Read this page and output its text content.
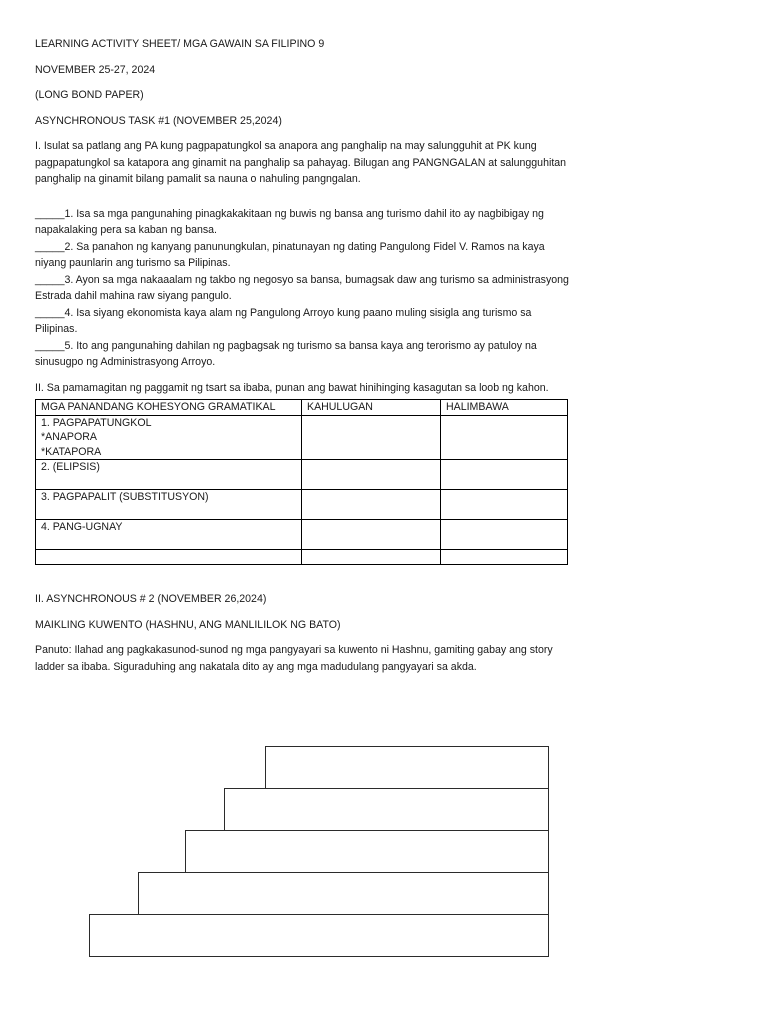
LEARNING ACTIVITY SHEET/ MGA GAWAIN SA FILIPINO 9

NOVEMBER 25-27, 2024

(LONG BOND PAPER)

ASYNCHRONOUS TASK #1 (NOVEMBER 25,2024)

I. Isulat sa patlang ang PA kung pagpapatungkol sa anapora ang panghalip na may salungguhit at PK kung pagpapatungkol sa katapora ang ginamit na panghalip sa pahayag. Bilugan ang PANGNGALAN at salungguhitan panghalip na ginamit bilang pamalit sa nauna o nahuling pangngalan.

_____1. Isa sa mga pangunahing pinagkakakitaan ng buwis ng bansa ang turismo dahil ito ay nagbibigay ng napakalaking pera sa kaban ng bansa.

_____2. Sa panahon ng kanyang panunungkulan, pinatunayan ng dating Pangulong Fidel V. Ramos na kaya niyang paunlarin ang turismo sa Pilipinas.

_____3. Ayon sa mga nakaaalam ng takbo ng negosyo sa bansa, bumagsak daw ang turismo sa administrasyong Estrada dahil mahina raw siyang pangulo.

_____4. Isa siyang ekonomista kaya alam ng Pangulong Arroyo kung paano muling sisigla ang turismo sa Pilipinas.

_____5. Ito ang pangunahing dahilan ng pagbagsak ng turismo sa bansa kaya ang terorismo ay patuloy na sinusugpo ng Administrasyong Arroyo.

II. Sa pamamagitan ng paggamit ng tsart sa ibaba, punan ang bawat hinihinging kasagutan sa loob ng kahon.

MGA PANANDANG KOHESYONG GRAMATIKAL	KAHULUGAN	HALIMBAWA

1. PAGPAPATUNGKOL
*ANAPORA
*KATAPORA		

2. (ELIPSIS)		
3. PAGPAPALIT (SUBSTITUSYON)		
4. PANG-UGNAY		

II. ASYNCHRONOUS # 2 (NOVEMBER 26,2024)

MAIKLING KUWENTO (HASHNU, ANG MANLILILOK NG BATO)

Panuto: Ilahad ang pagkakasunod-sunod ng mga pangyayari sa kuwento ni Hashnu, gamiting gabay ang story ladder sa ibaba. Siguraduhing ang nakatala dito ay ang mga madudulang pangyayari sa akda.
